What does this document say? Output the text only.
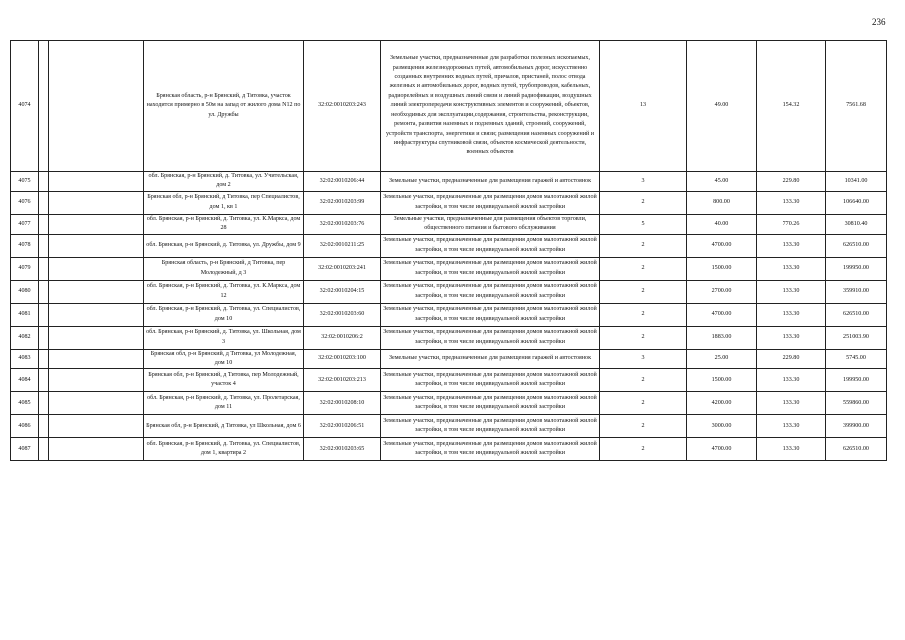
236
4074			Брянская область, р-н Брянский, д Титовка, участок находится примерно в 50м на запад от жилого дома N12 по ул. Дружбы	32:02:0010203:243	Земельные участки, предназначенные для разработки полезных ископаемых, размещения железнодорожных путей, автомобильных дорог, искусственно созданных внутренних водных путей, причалов, пристаней, полос отвода железных и автомобильных дорог, водных путей, трубопроводов, кабельных, радиорелейных и воздушных линий связи и линий радиофикации, воздушных линий электропередачи конструктивных элементов и сооружений, объектов, необходимых для эксплуатации,содержания, строительства, реконструкции, ремонта, развития наземных и подземных зданий, строений, сооружений, устройств транспорта, энергетики и связи; размещения наземных сооружений и инфраструктуры спутниковой связи, объектов космической деятельности, военных объектов	13	49.00	154.32	7561.68
4075			обл. Брянская, р-н Брянский, д. Титовка, ул. Учительская, дом 2	32:02:0010206:44	Земельные участки, предназначенные для размещения гаражей и автостоянок	3	45.00	229.80	10341.00
4076			Брянская обл, р-н Брянский, д Титовка, пер Специалистов, дом 1, кв 1	32:02:0010203:99	Земельные участки, предназначенные для размещения домов малоэтажной жилой застройки, в том числе индивидуальной жилой застройки	2	800.00	133.30	106640.00
4077			обл. Брянская, р-н Брянский, д. Титовка, ул. К.Маркса, дом 28	32:02:0010203:76	Земельные участки, предназначенные для размещения объектов торговли, общественного питания и бытового обслуживания	5	40.00	770.26	30810.40
4078			обл. Брянская, р-н Брянский, д. Титовка, ул. Дружбы, дом 9	32:02:0010211:25	Земельные участки, предназначенные для размещения домов малоэтажной жилой застройки, в том числе индивидуальной жилой застройки	2	4700.00	133.30	626510.00
4079			Брянская область, р-н Брянский, д Титовка, пер Молодежный, д 3	32:02:0010203:241	Земельные участки, предназначенные для размещения домов малоэтажной жилой застройки, в том числе индивидуальной жилой застройки	2	1500.00	133.30	199950.00
4080			обл. Брянская, р-н Брянский, д. Титовка, ул. К.Маркса, дом 12	32:02:0010204:15	Земельные участки, предназначенные для размещения домов малоэтажной жилой застройки, в том числе индивидуальной жилой застройки	2	2700.00	133.30	359910.00
4081			обл. Брянская, р-н Брянский, д. Титовка, ул. Специалистов, дом 10	32:02:0010203:60	Земельные участки, предназначенные для размещения домов малоэтажной жилой застройки, в том числе индивидуальной жилой застройки	2	4700.00	133.30	626510.00
4082			обл. Брянская, р-н Брянский, д. Титовка, ул. Школьная, дом 3	32:02:0010206:2	Земельные участки, предназначенные для размещения домов малоэтажной жилой застройки, в том числе индивидуальной жилой застройки	2	1883.00	133.30	251003.90
4083			Брянская обл, р-н Брянский, д Титовка, ул Молодежная, дом 10	32:02:0010203:100	Земельные участки, предназначенные для размещения гаражей и автостоянок	3	25.00	229.80	5745.00
4084			Брянская обл, р-н Брянский, д Титовка, пер Молодежный, участок 4	32:02:0010203:213	Земельные участки, предназначенные для размещения домов малоэтажной жилой застройки, в том числе индивидуальной жилой застройки	2	1500.00	133.30	199950.00
4085			обл. Брянская, р-н Брянский, д. Титовка, ул. Пролетарская, дом 11	32:02:0010208:10	Земельные участки, предназначенные для размещения домов малоэтажной жилой застройки, в том числе индивидуальной жилой застройки	2	4200.00	133.30	559860.00
4086			Брянская обл, р-н Брянский, д Титовка, ул Школьная, дом 6	32:02:0010206:51	Земельные участки, предназначенные для размещения домов малоэтажной жилой застройки, в том числе индивидуальной жилой застройки	2	3000.00	133.30	399900.00
4087			обл. Брянская, р-н Брянский, д. Титовка, ул. Специалистов, дом 1, квартира 2	32:02:0010203:65	Земельные участки, предназначенные для размещения домов малоэтажной жилой застройки, в том числе индивидуальной жилой застройки	2	4700.00	133.30	626510.00
